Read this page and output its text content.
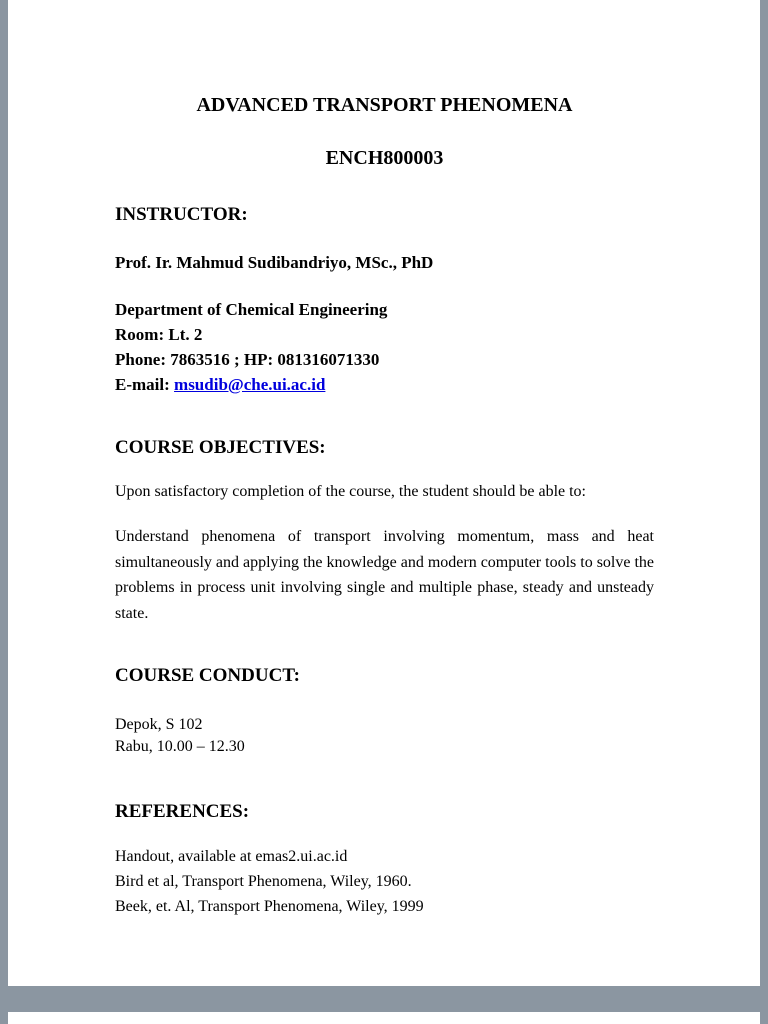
ADVANCED TRANSPORT PHENOMENA
ENCH800003
INSTRUCTOR:
Prof. Ir. Mahmud Sudibandriyo, MSc., PhD
Department of Chemical Engineering
Room: Lt. 2
Phone: 7863516 ; HP: 081316071330
E-mail: msudib@che.ui.ac.id
COURSE OBJECTIVES:
Upon satisfactory completion of the course, the student should be able to:
Understand phenomena of transport involving momentum, mass and heat simultaneously and applying the knowledge and modern computer tools to solve the problems in process unit involving single and multiple phase, steady and unsteady state.
COURSE CONDUCT:
Depok, S 102
Rabu, 10.00 – 12.30
REFERENCES:
Handout, available at emas2.ui.ac.id
Bird et al, Transport Phenomena, Wiley, 1960.
Beek, et. Al, Transport Phenomena, Wiley, 1999
